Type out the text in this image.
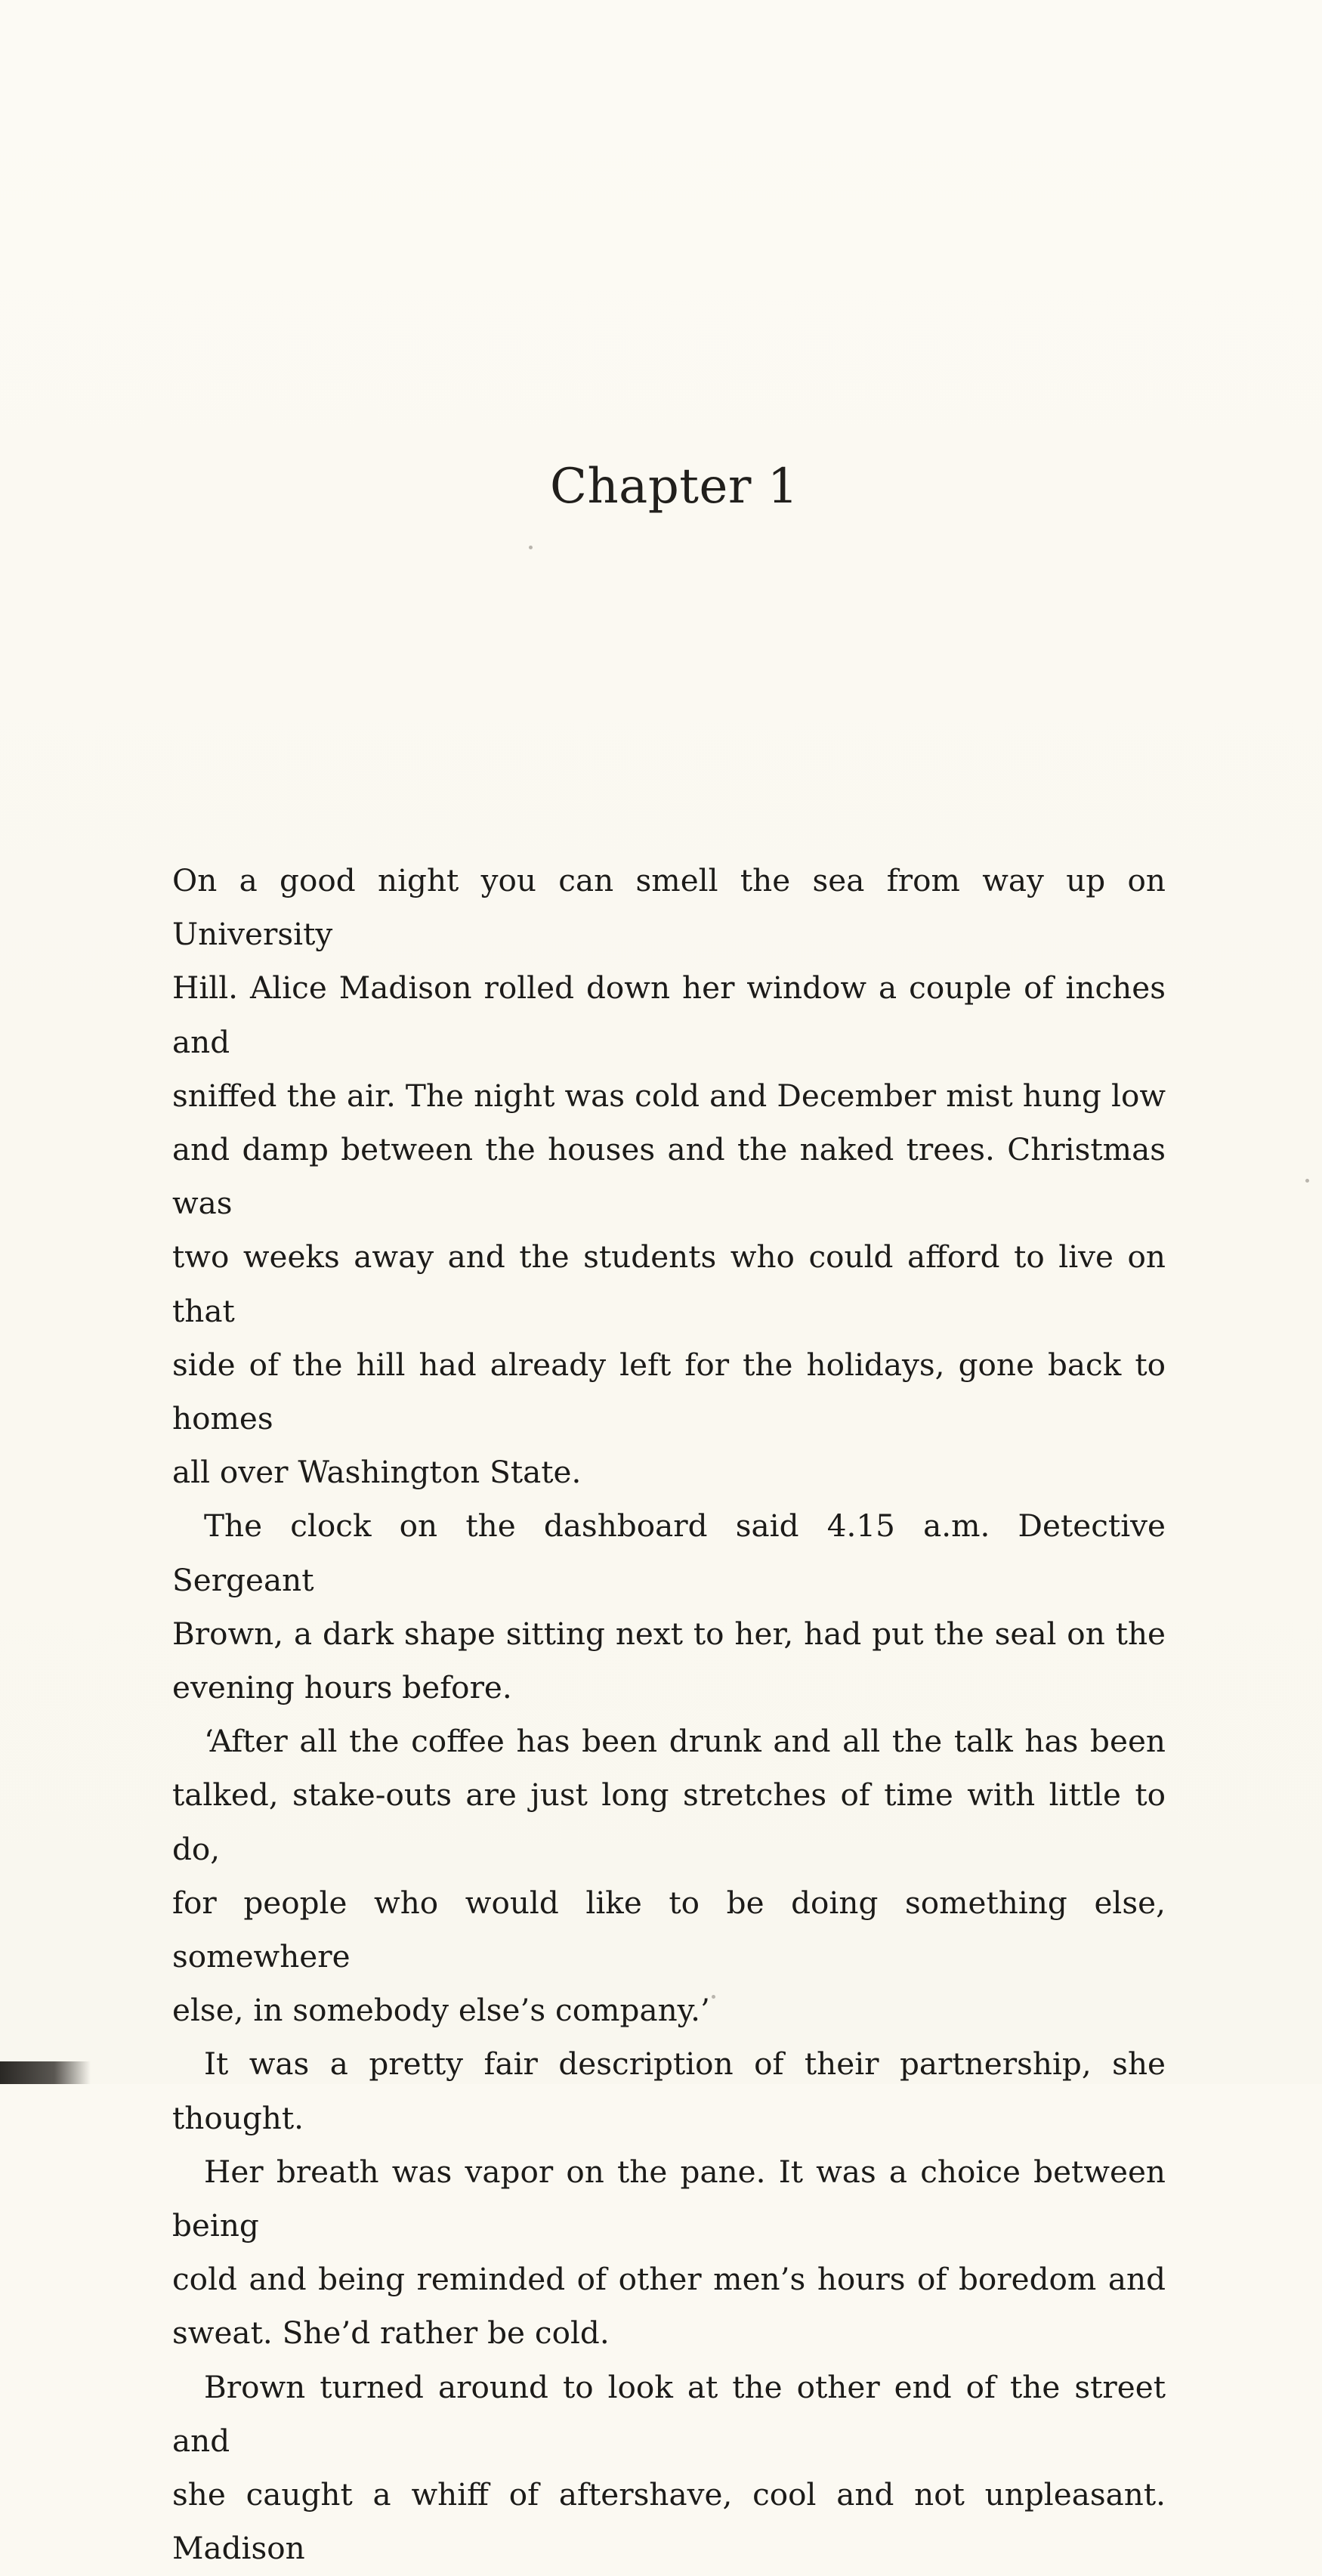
Chapter 1

On a good night you can smell the sea from way up on University
Hill. Alice Madison rolled down her window a couple of inches and
sniffed the air. The night was cold and December mist hung low
and damp between the houses and the naked trees. Christmas was
two weeks away and the students who could afford to live on that
side of the hill had already left for the holidays, gone back to homes
all over Washington State.

The clock on the dashboard said 4.15 a.m. Detective Sergeant
Brown, a dark shape sitting next to her, had put the seal on the
evening hours before.

‘After all the coffee has been drunk and all the talk has been
talked, stake-outs are just long stretches of time with little to do,
for people who would like to be doing something else, somewhere
else, in somebody else’s company.’

It was a pretty fair description of their partnership, she thought.

Her breath was vapor on the pane. It was a choice between being
cold and being reminded of other men’s hours of boredom and
sweat. She’d rather be cold.

Brown turned around to look at the other end of the street and
she caught a whiff of aftershave, cool and not unpleasant. Madison
